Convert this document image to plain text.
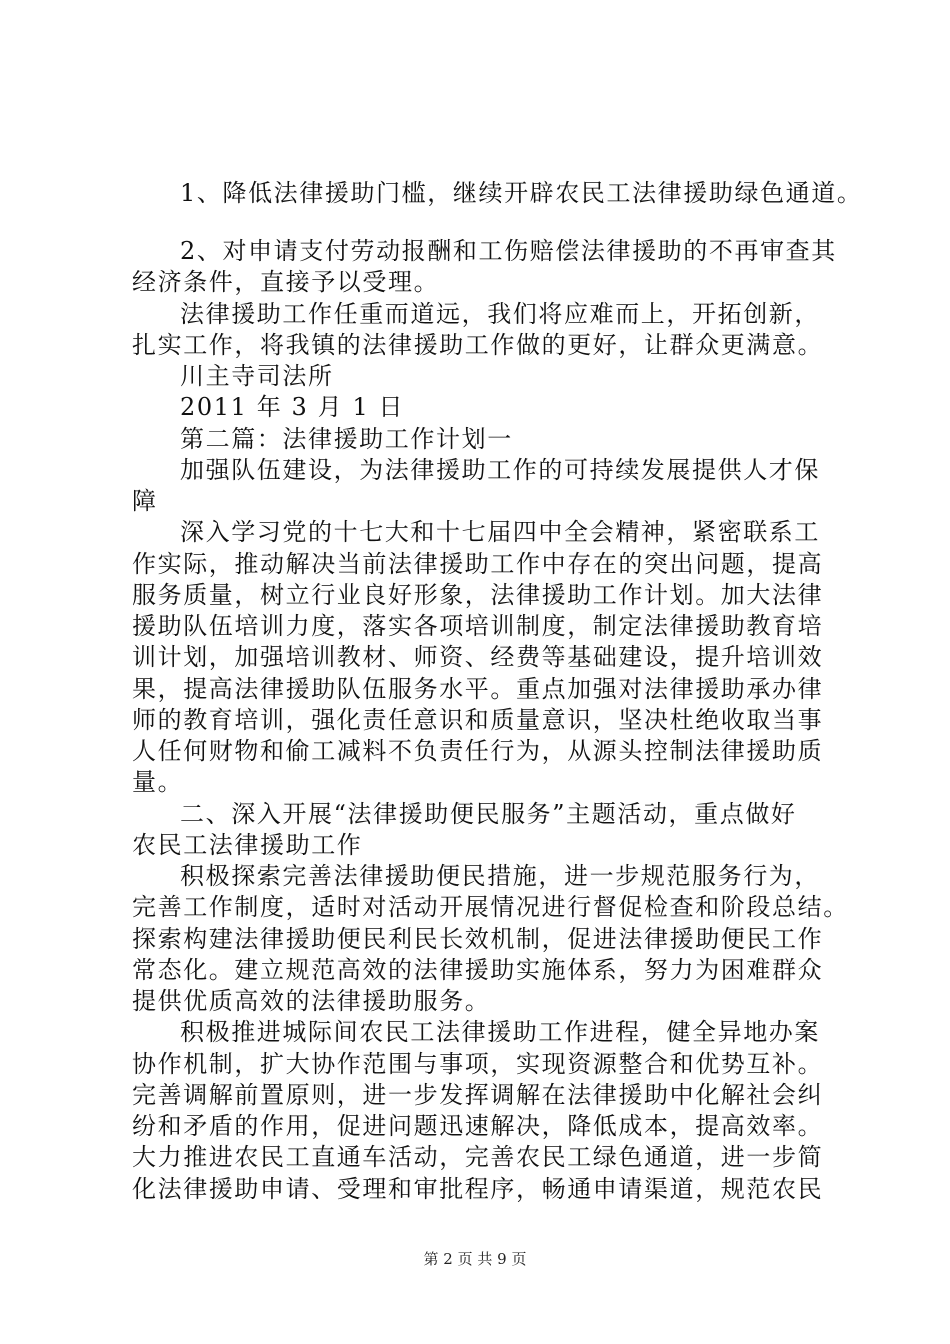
1、降低法律援助门槛，继续开辟农民工法律援助绿色通道。
2、对申请支付劳动报酬和工伤赔偿法律援助的不再审查其
经济条件，直接予以受理。
法律援助工作任重而道远，我们将应难而上，开拓创新，
扎实工作，将我镇的法律援助工作做的更好，让群众更满意。
川主寺司法所
2011 年 3 月 1 日
第二篇：法律援助工作计划一
加强队伍建设，为法律援助工作的可持续发展提供人才保
障
深入学习党的十七大和十七届四中全会精神，紧密联系工
作实际，推动解决当前法律援助工作中存在的突出问题，提高
服务质量，树立行业良好形象，法律援助工作计划。加大法律
援助队伍培训力度，落实各项培训制度，制定法律援助教育培
训计划，加强培训教材、师资、经费等基础建设，提升培训效
果，提高法律援助队伍服务水平。重点加强对法律援助承办律
师的教育培训，强化责任意识和质量意识，坚决杜绝收取当事
人任何财物和偷工减料不负责任行为，从源头控制法律援助质
量。
二、深入开展“法律援助便民服务”主题活动，重点做好
农民工法律援助工作
积极探索完善法律援助便民措施，进一步规范服务行为，
完善工作制度，适时对活动开展情况进行督促检查和阶段总结。
探索构建法律援助便民利民长效机制，促进法律援助便民工作
常态化。建立规范高效的法律援助实施体系，努力为困难群众
提供优质高效的法律援助服务。
积极推进城际间农民工法律援助工作进程，健全异地办案
协作机制，扩大协作范围与事项，实现资源整合和优势互补。
完善调解前置原则，进一步发挥调解在法律援助中化解社会纠
纷和矛盾的作用，促进问题迅速解决，降低成本，提高效率。
大力推进农民工直通车活动，完善农民工绿色通道，进一步简
化法律援助申请、受理和审批程序，畅通申请渠道，规范农民
第 2 页 共 9 页
